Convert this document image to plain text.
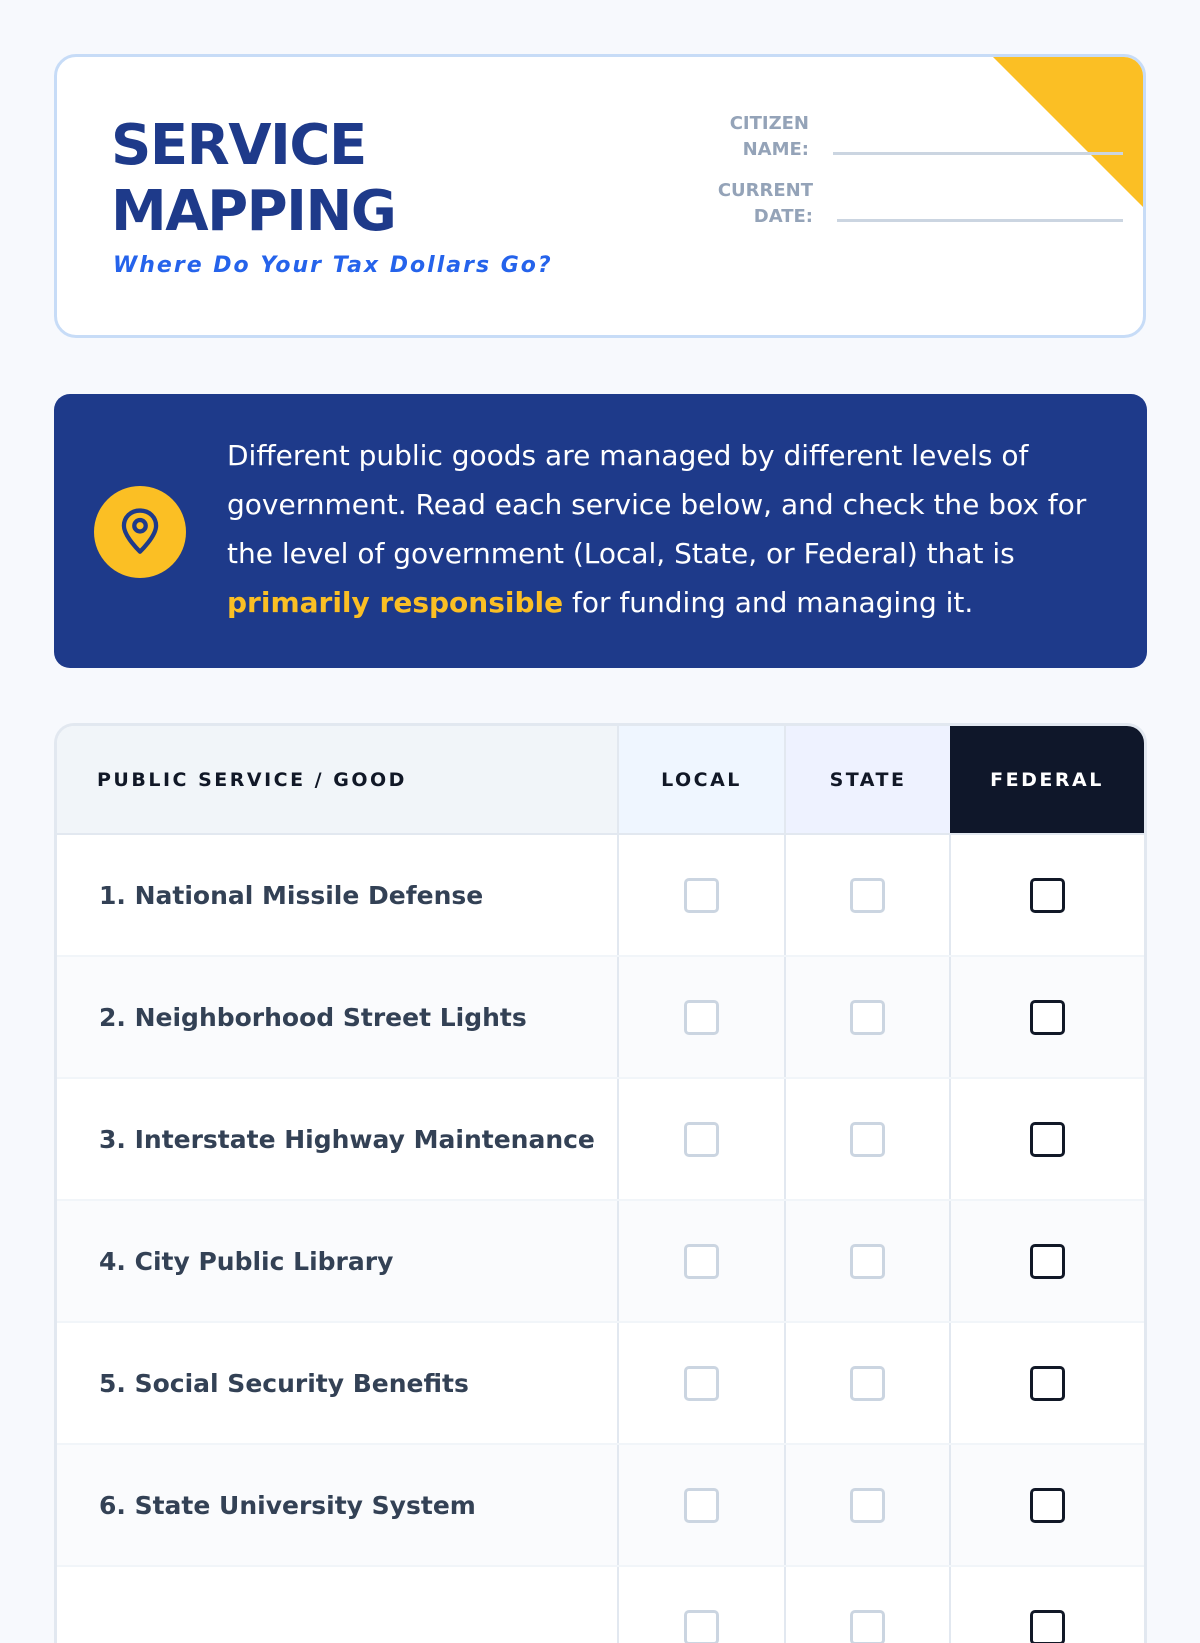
SERVICE MAPPING
Where Do Your Tax Dollars Go?
CITIZEN NAME:
CURRENT DATE:

Different public goods are managed by different levels of government. Read each service below, and check the box for the level of government (Local, State, or Federal) that is primarily responsible for funding and managing it.

PUBLIC SERVICE / GOOD	LOCAL	STATE	FEDERAL
1. National Missile Defense			
2. Neighborhood Street Lights			
3. Interstate Highway Maintenance			
4. City Public Library			
5. Social Security Benefits			
6. State University System			
